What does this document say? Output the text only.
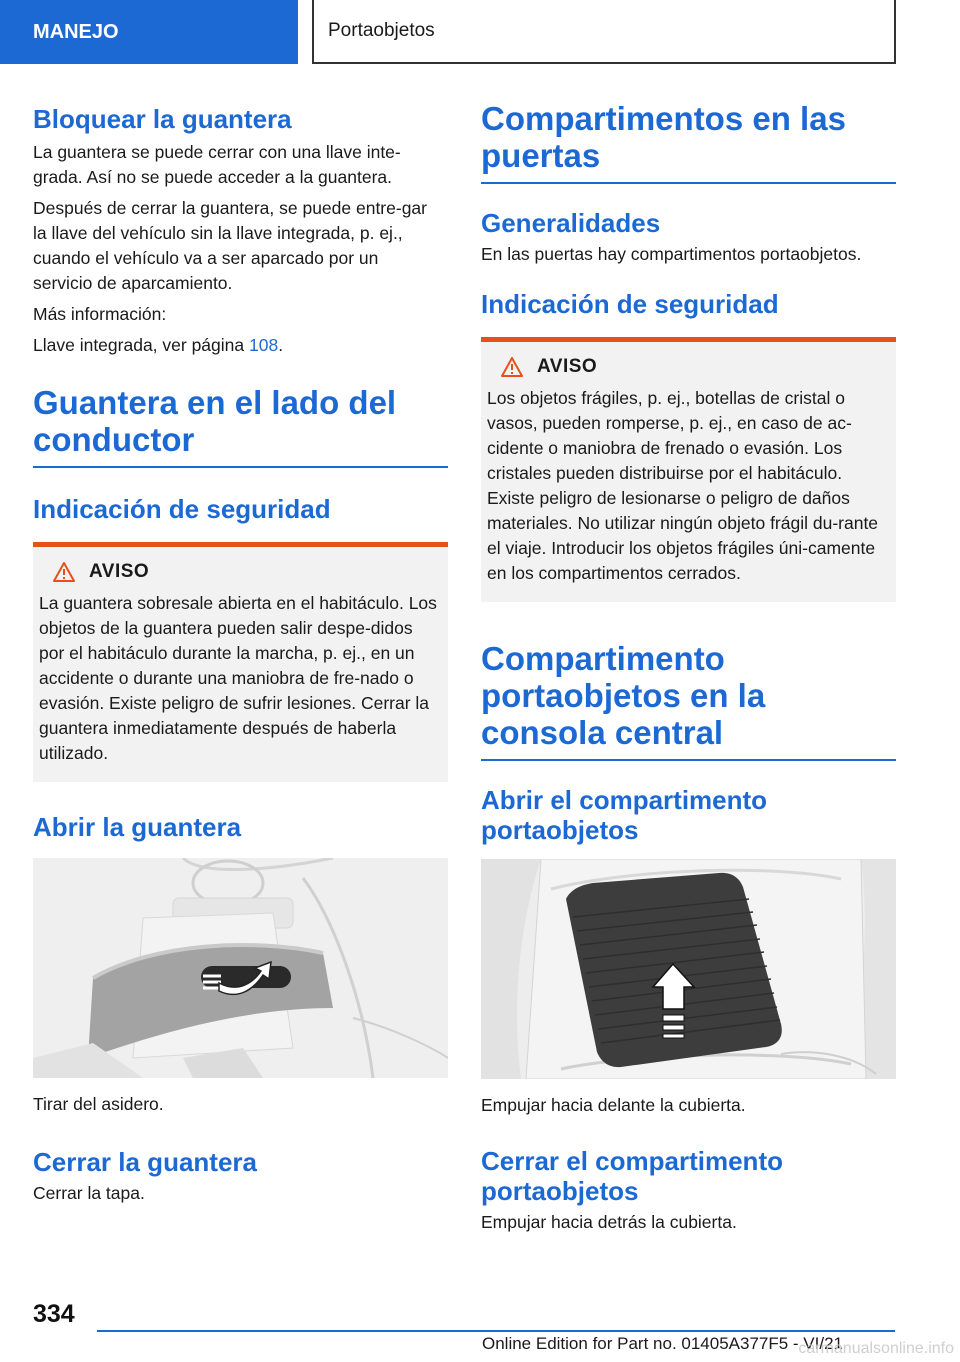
MANEJO	Portaobjetos
Bloquear la guantera

La guantera se puede cerrar con una llave inte-grada. Así no se puede acceder a la guantera.

Después de cerrar la guantera, se puede entre-gar la llave del vehículo sin la llave integrada, p. ej., cuando el vehículo va a ser aparcado por un servicio de aparcamiento.

Más información:

Llave integrada, ver página 108.

Guantera en el lado del conductor
Indicación de seguridad
AVISO

La guantera sobresale abierta en el habitáculo. Los objetos de la guantera pueden salir despe-didos por el habitáculo durante la marcha, p. ej., en un accidente o durante una maniobra de fre-nado o evasión. Existe peligro de sufrir lesiones. Cerrar la guantera inmediatamente después de haberla utilizado.

Abrir la guantera

Tirar del asidero.

Cerrar la guantera

Cerrar la tapa.

Compartimentos en las puertas
Generalidades

En las puertas hay compartimentos portaobjetos.

Indicación de seguridad
AVISO

Los objetos frágiles, p. ej., botellas de cristal o vasos, pueden romperse, p. ej., en caso de ac-cidente o maniobra de frenado o evasión. Los cristales pueden distribuirse por el habitáculo. Existe peligro de lesionarse o peligro de daños materiales. No utilizar ningún objeto frágil du-rante el viaje. Introducir los objetos frágiles úni-camente en los compartimentos cerrados.

Compartimento portaobjetos en la consola central
Abrir el compartimento portaobjetos

Empujar hacia delante la cubierta.

Cerrar el compartimento portaobjetos

Empujar hacia detrás la cubierta.

334
Online Edition for Part no. 01405A377F5 - VI/21
carmanualsonline.info
